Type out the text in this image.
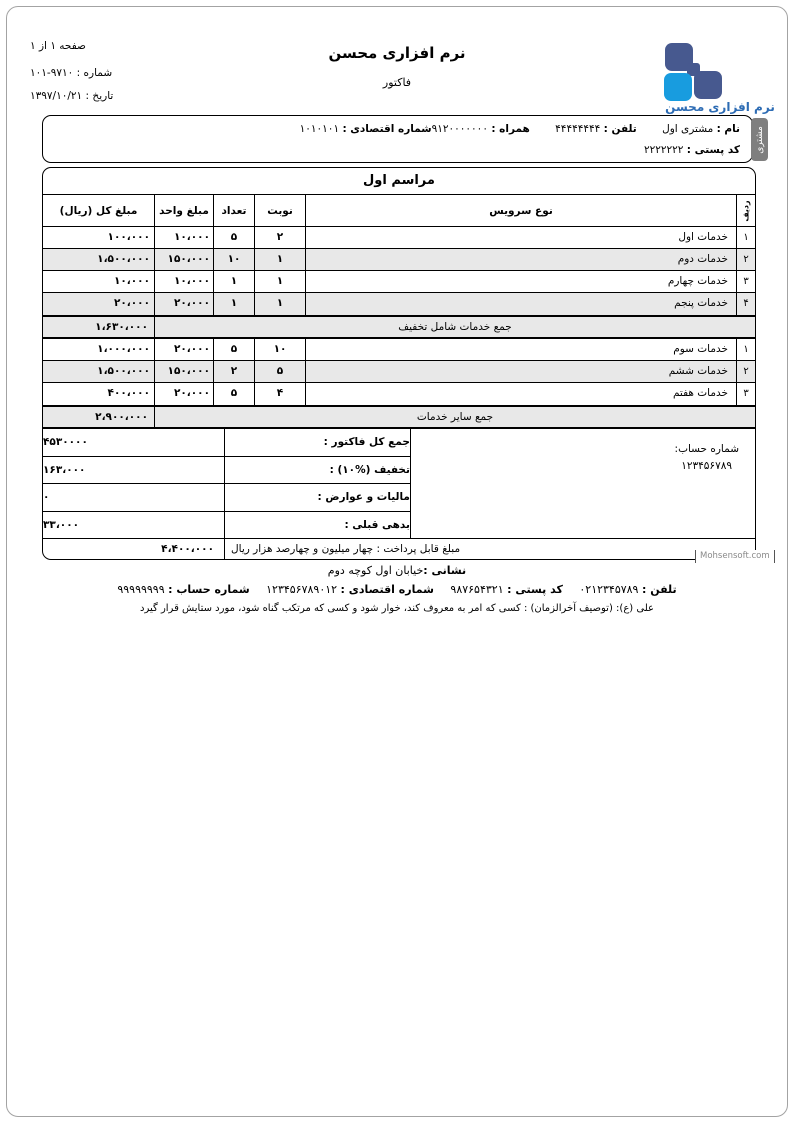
صفحه ۱ از ۱
شماره : ۱۰۱-۹۷۱۰
تاریخ : ۱۳۹۷/۱۰/۲۱
نرم افزاری محسن
فاکتور
نرم افزاری محسن
نام : مشتری اول تلفن : ۴۴۴۴۴۴۴۴ همراه : ۹۱۲۰۰۰۰۰۰۰شماره اقتصادی : ۱۰۱۰۱۰۱
کد پستی : ۲۲۲۲۲۲۲	مشتری
مراسم اول
ردیف
نوع سرویس
نوبت
تعداد
مبلغ واحد
مبلغ کل (ریال)
۱
خدمات اول
۲
۵
۱۰،۰۰۰
۱۰۰،۰۰۰
۲
خدمات دوم
۱
۱۰
۱۵۰،۰۰۰
۱،۵۰۰،۰۰۰
۳
خدمات چهارم
۱
۱
۱۰،۰۰۰
۱۰،۰۰۰
۴
خدمات پنجم
۱
۱
۲۰،۰۰۰
۲۰،۰۰۰
جمع خدمات شامل تخفیف
۱،۶۳۰،۰۰۰
۱
خدمات سوم
۱۰
۵
۲۰،۰۰۰
۱،۰۰۰،۰۰۰
۲
خدمات ششم
۵
۲
۱۵۰،۰۰۰
۱،۵۰۰،۰۰۰
۳
خدمات هفتم
۴
۵
۲۰،۰۰۰
۴۰۰،۰۰۰
جمع سایر خدمات
۲،۹۰۰،۰۰۰
شماره حساب:
۱۲۳۴۵۶۷۸۹
جمع کل فاکتور :
۴۵۳۰۰۰۰
تخفیف (%۱۰) :
۱۶۳،۰۰۰
مالیات و عوارض :
۰
بدهی قبلی :
۳۳،۰۰۰
مبلغ قابل پرداخت : چهار میلیون و چهارصد هزار ریال
۴،۴۰۰،۰۰۰
Mohsensoft.com
نشانی :خیابان اول کوچه دوم
تلفن : ۰۲۱۲۳۴۵۷۸۹ کد پستی : ۹۸۷۶۵۴۳۲۱ شماره اقتصادی : ۱۲۳۴۵۶۷۸۹۰۱۲ شماره حساب : ۹۹۹۹۹۹۹۹
علی (ع): (توصیف آخرالزمان) : کسی که امر به معروف کند، خوار شود و کسی که مرتکب گناه شود، مورد ستایش قرار گیرد
